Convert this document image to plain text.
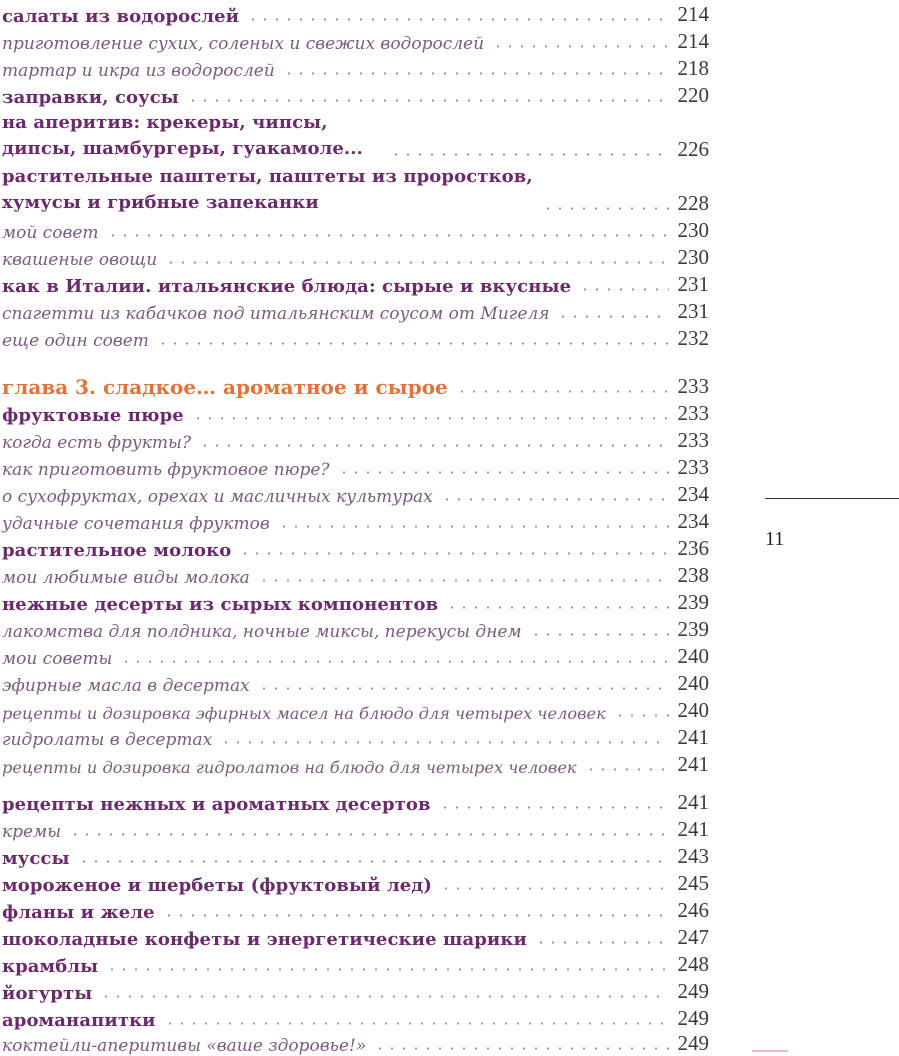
салаты из водорослей	214
приготовление сухих, соленых и свежих водорослей	214
тартар и икра из водорослей	218
заправки, соусы	220
на аперитив: крекеры, чипсы, дипсы, шамбургеры, гуакамоле...	226
растительные паштеты, паштеты из проростков, хумусы и грибные запеканки	228
мой совет	230
квашеные овощи	230
как в Италии. итальянские блюда: сырые и вкусные	231
спагетти из кабачков под итальянским соусом от Мигеля	231
еще один совет	232
глава 3. сладкое… ароматное и сырое	233
фруктовые пюре	233
когда есть фрукты?	233
как приготовить фруктовое пюре?	233
о сухофруктах, орехах и масличных культурах	234
удачные сочетания фруктов	234
растительное молоко	236
мои любимые виды молока	238
нежные десерты из сырых компонентов	239
лакомства для полдника, ночные миксы, перекусы днем	239
мои советы	240
эфирные масла в десертах	240
рецепты и дозировка эфирных масел на блюдо для четырех человек	240
гидролаты в десертах	241
рецепты и дозировка гидролатов на блюдо для четырех человек	241
рецепты нежных и ароматных десертов	241
кремы	241
муссы	243
мороженое и шербеты (фруктовый лед)	245
фланы и желе	246
шоколадные конфеты и энергетические шарики	247
крамблы	248
йогурты	249
ароманапитки	249
коктейли-аперитивы «ваше здоровье!»	249
11
